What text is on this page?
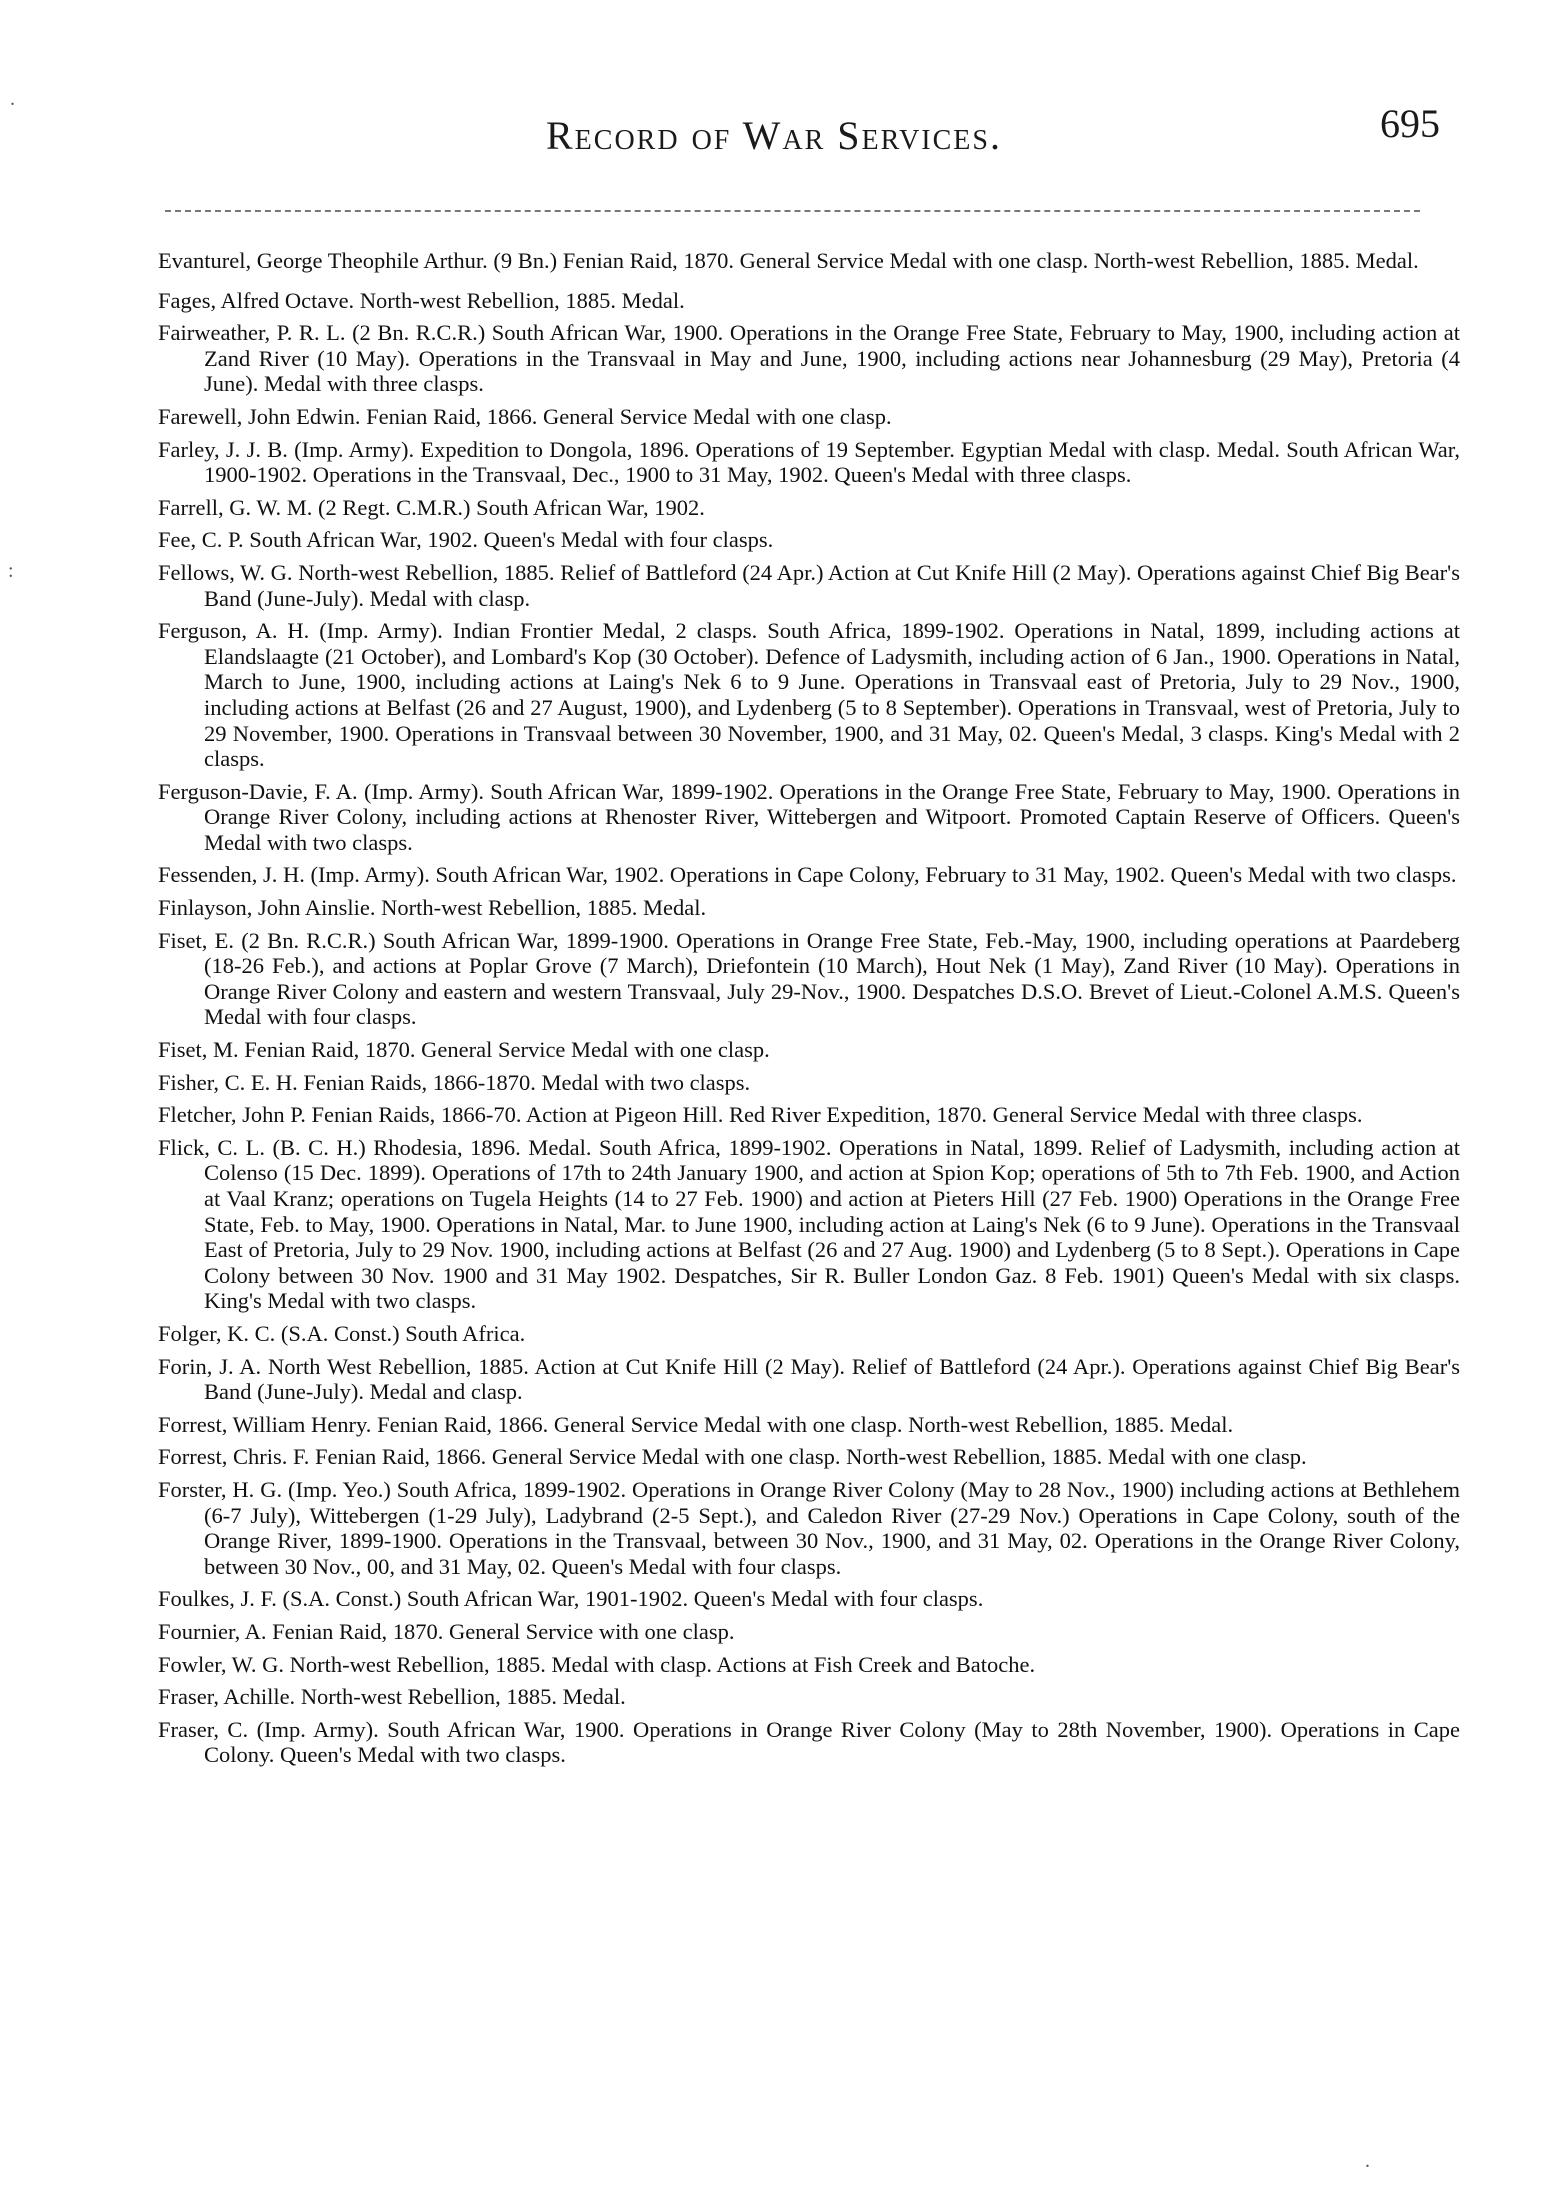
Record of War Services.	695

Evanturel, George Theophile Arthur. (9 Bn.) Fenian Raid, 1870. General Service Medal with one clasp. North-west Rebellion, 1885. Medal.

Fages, Alfred Octave. North-west Rebellion, 1885. Medal.

Fairweather, P. R. L. (2 Bn. R.C.R.) South African War, 1900. Operations in the Orange Free State, February to May, 1900, including action at Zand River (10 May). Operations in the Transvaal in May and June, 1900, including actions near Johannesburg (29 May), Pretoria (4 June). Medal with three clasps.

Farewell, John Edwin. Fenian Raid, 1866. General Service Medal with one clasp.

Farley, J. J. B. (Imp. Army). Expedition to Dongola, 1896. Operations of 19 September. Egyptian Medal with clasp. Medal. South African War, 1900-1902. Operations in the Transvaal, Dec., 1900 to 31 May, 1902. Queen's Medal with three clasps.

Farrell, G. W. M. (2 Regt. C.M.R.) South African War, 1902.

Fee, C. P. South African War, 1902. Queen's Medal with four clasps.

Fellows, W. G. North-west Rebellion, 1885. Relief of Battleford (24 Apr.) Action at Cut Knife Hill (2 May). Operations against Chief Big Bear's Band (June-July). Medal with clasp.

Ferguson, A. H. (Imp. Army). Indian Frontier Medal, 2 clasps. South Africa, 1899-1902. Operations in Natal, 1899, including actions at Elandslaagte (21 October), and Lombard's Kop (30 October). Defence of Ladysmith, including action of 6 Jan., 1900. Operations in Natal, March to June, 1900, including actions at Laing's Nek 6 to 9 June. Operations in Transvaal east of Pretoria, July to 29 Nov., 1900, including actions at Belfast (26 and 27 August, 1900), and Lydenberg (5 to 8 September). Operations in Transvaal, west of Pretoria, July to 29 November, 1900. Operations in Transvaal between 30 November, 1900, and 31 May, 02. Queen's Medal, 3 clasps. King's Medal with 2 clasps.

Ferguson-Davie, F. A. (Imp. Army). South African War, 1899-1902. Operations in the Orange Free State, February to May, 1900. Operations in Orange River Colony, including actions at Rhenoster River, Wittebergen and Witpoort. Promoted Captain Reserve of Officers. Queen's Medal with two clasps.

Fessenden, J. H. (Imp. Army). South African War, 1902. Operations in Cape Colony, February to 31 May, 1902. Queen's Medal with two clasps.

Finlayson, John Ainslie. North-west Rebellion, 1885. Medal.

Fiset, E. (2 Bn. R.C.R.) South African War, 1899-1900. Operations in Orange Free State, Feb.-May, 1900, including operations at Paardeberg (18-26 Feb.), and actions at Poplar Grove (7 March), Driefontein (10 March), Hout Nek (1 May), Zand River (10 May). Operations in Orange River Colony and eastern and western Transvaal, July 29-Nov., 1900. Despatches D.S.O. Brevet of Lieut.-Colonel A.M.S. Queen's Medal with four clasps.

Fiset, M. Fenian Raid, 1870. General Service Medal with one clasp.

Fisher, C. E. H. Fenian Raids, 1866-1870. Medal with two clasps.

Fletcher, John P. Fenian Raids, 1866-70. Action at Pigeon Hill. Red River Expedition, 1870. General Service Medal with three clasps.

Flick, C. L. (B. C. H.) Rhodesia, 1896. Medal. South Africa, 1899-1902. Operations in Natal, 1899. Relief of Ladysmith, including action at Colenso (15 Dec. 1899). Operations of 17th to 24th January 1900, and action at Spion Kop; operations of 5th to 7th Feb. 1900, and Action at Vaal Kranz; operations on Tugela Heights (14 to 27 Feb. 1900) and action at Pieters Hill (27 Feb. 1900) Operations in the Orange Free State, Feb. to May, 1900. Operations in Natal, Mar. to June 1900, including action at Laing's Nek (6 to 9 June). Operations in the Transvaal East of Pretoria, July to 29 Nov. 1900, including actions at Belfast (26 and 27 Aug. 1900) and Lydenberg (5 to 8 Sept.). Operations in Cape Colony between 30 Nov. 1900 and 31 May 1902. Despatches, Sir R. Buller London Gaz. 8 Feb. 1901) Queen's Medal with six clasps. King's Medal with two clasps.

Folger, K. C. (S.A. Const.) South Africa.

Forin, J. A. North West Rebellion, 1885. Action at Cut Knife Hill (2 May). Relief of Battleford (24 Apr.). Operations against Chief Big Bear's Band (June-July). Medal and clasp.

Forrest, William Henry. Fenian Raid, 1866. General Service Medal with one clasp. North-west Rebellion, 1885. Medal.

Forrest, Chris. F. Fenian Raid, 1866. General Service Medal with one clasp. North-west Rebellion, 1885. Medal with one clasp.

Forster, H. G. (Imp. Yeo.) South Africa, 1899-1902. Operations in Orange River Colony (May to 28 Nov., 1900) including actions at Bethlehem (6-7 July), Wittebergen (1-29 July), Ladybrand (2-5 Sept.), and Caledon River (27-29 Nov.) Operations in Cape Colony, south of the Orange River, 1899-1900. Operations in the Transvaal, between 30 Nov., 1900, and 31 May, 02. Operations in the Orange River Colony, between 30 Nov., 00, and 31 May, 02. Queen's Medal with four clasps.

Foulkes, J. F. (S.A. Const.) South African War, 1901-1902. Queen's Medal with four clasps.

Fournier, A. Fenian Raid, 1870. General Service with one clasp.

Fowler, W. G. North-west Rebellion, 1885. Medal with clasp. Actions at Fish Creek and Batoche.

Fraser, Achille. North-west Rebellion, 1885. Medal.

Fraser, C. (Imp. Army). South African War, 1900. Operations in Orange River Colony (May to 28th November, 1900). Operations in Cape Colony. Queen's Medal with two clasps.

.
:
.
